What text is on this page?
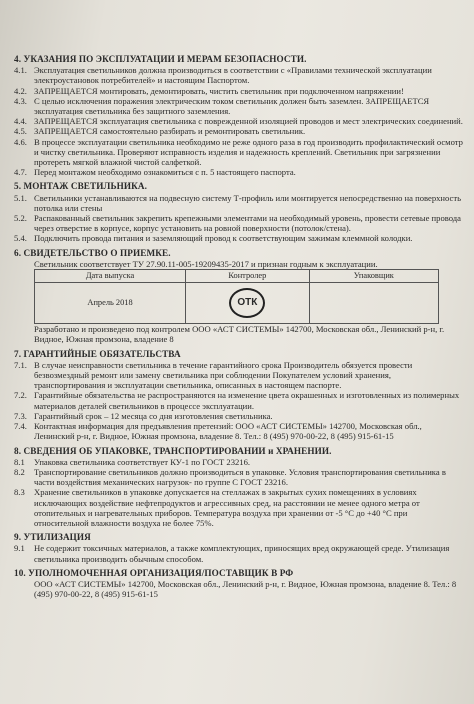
4. УКАЗАНИЯ ПО ЭКСПЛУАТАЦИИ И МЕРАМ БЕЗОПАСНОСТИ.
4.1. Эксплуатация светильников должна производиться в соответствии с «Правилами технической эксплуатации электроустановок потребителей» и настоящим Паспортом.
4.2. ЗАПРЕЩАЕТСЯ монтировать, демонтировать, чистить светильник при подключенном напряжении!
4.3. С целью исключения поражения электрическим током светильник должен быть заземлен. ЗАПРЕЩАЕТСЯ эксплуатация светильника без защитного заземления.
4.4. ЗАПРЕЩАЕТСЯ эксплуатация светильника с поврежденной изоляцией проводов и мест электрических соединений.
4.5. ЗАПРЕЩАЕТСЯ самостоятельно разбирать и ремонтировать светильник.
4.6. В процессе эксплуатации светильника необходимо не реже одного раза в год производить профилактический осмотр и чистку светильника. Проверяют исправность изделия и надежность креплений. Светильник при загрязнении протереть мягкой влажной чистой салфеткой.
4.7. Перед монтажом необходимо ознакомиться с п. 5 настоящего паспорта.
5. МОНТАЖ СВЕТИЛЬНИКА.
5.1. Светильники устанавливаются на подвесную систему Т-профиль или монтируется непосредственно на поверхность потолка или стены
5.2. Распакованный светильник закрепить крепежными элементами на необходимый уровень, провести сетевые провода через отверстие в корпусе, корпус установить на ровной поверхности (потолок/стена).
5.4. Подключить провода питания и заземляющий провод к соответствующим зажимам клеммной колодки.
6. СВИДЕТЕЛЬСТВО О ПРИЕМКЕ.
Светильник соответствует ТУ 27.90.11-005-19209435-2017 и признан годным к эксплуатации.
Дата выпуска	Контролер	Упаковщик
Апрель 2018	ОТК	
Разработано и произведено под контролем ООО «АСТ СИСТЕМЫ» 142700, Московская обл., Ленинский р-н, г. Видное, Южная промзона, владение 8
7. ГАРАНТИЙНЫЕ ОБЯЗАТЕЛЬСТВА
7.1. В случае неисправности светильника в течение гарантийного срока Производитель обязуется провести безвозмездный ремонт или замену светильника при соблюдении Покупателем условий хранения, транспортирования и эксплуатации светильника, описанных в настоящем паспорте.
7.2. Гарантийные обязательства не распространяются на изменение цвета окрашенных и изготовленных из полимерных материалов деталей светильников в процессе эксплуатации.
7.3. Гарантийный срок – 12 месяца со дня изготовления светильника.
7.4. Контактная информация для предъявления претензий: ООО «АСТ СИСТЕМЫ» 142700, Московская обл., Ленинский р-н, г. Видное, Южная промзона, владение 8. Тел.: 8 (495) 970-00-22, 8 (495) 915-61-15
8. СВЕДЕНИЯ ОБ УПАКОВКЕ, ТРАНСПОРТИРОВАНИИ и ХРАНЕНИИ.
8.1	Упаковка светильника соответствует КУ-1 по ГОСТ 23216.
8.2	Транспортирование светильников должно производиться в упаковке. Условия транспортирования светильника в части воздействия механических нагрузок- по группе С ГОСТ 23216.
8.3	Хранение светильников в упаковке допускается на стеллажах в закрытых сухих помещениях в условиях исключающих воздействие нефтепродуктов и агрессивных сред, на расстоянии не менее одного метра от отопительных и нагревательных приборов. Температура воздуха при хранении от -5 °С до +40 °С при относительной влажности воздуха не более 75%.
9. УТИЛИЗАЦИЯ
9.1	Не содержит токсичных материалов, а также комплектующих, приносящих вред окружающей среде. Утилизация светильника производить обычным способом.
10. УПОЛНОМОЧЕННАЯ ОРГАНИЗАЦИЯ/ПОСТАВЩИК В РФ
ООО «АСТ СИСТЕМЫ» 142700, Московская обл., Ленинский р-н, г. Видное, Южная промзона, владение 8. Тел.: 8 (495) 970-00-22, 8 (495) 915-61-15
